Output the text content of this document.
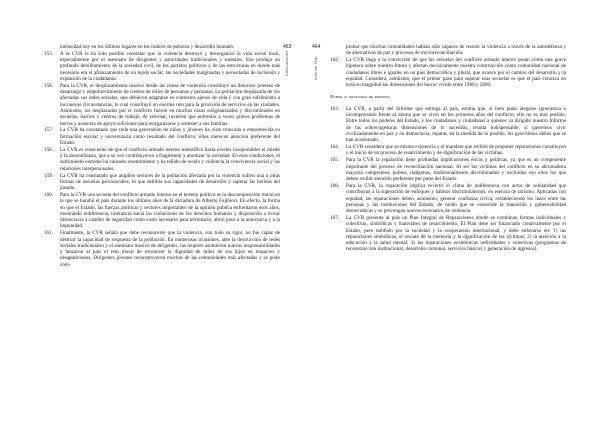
463
Conclusiones
intensidad hoy en los últimos lugares en los índices de pobreza y desarrollo humano.
153. A la CVR le ha sido posible constatar que la violencia destruyó y desorganizó la vida social local, especialmente por el asesinato de dirigentes y autoridades tradicionales y estatales. Eso produjo un profundo debilitamiento de la sociedad civil, de los partidos políticos y de las estructuras en donde más necesario era el afianzamiento de un tejido social: las sociedades marginadas y necesitadas de inclusión y expansión de la ciudadanía.
156. Para la CVR, el desplazamiento masivo desde las zonas de violencia constituyó un doloroso proceso de desarraigo y empobrecimiento de cientos de miles de peruanos y peruanas. La población desplazada de vio afectadas sus redes sociales, que debieron adaptarse en contextos ajenos de vida y con gran sufrimiento a las nuevas circunstancias, lo cual constituyó un enorme reto para la provisión de servicios en las ciudades. Asimismo, los desplazados por el conflicto fueron en muchos casos estigmatizados y discriminados en escuelas, barrios y centros de trabajo. Al retornar, tuvieron que enfrentar a veces graves problemas de tierras y ausencia de apoyo suficiente para reorganizarse y sostener a sus familias.
157. La CVR ha constatado que toda una generación de niños y jóvenes ha visto truncada o empobrecida su formación escolar y universitaria como resultado del conflicto; ellos merecen atención preferente del Estado.
158. La CVR es consciente de que el conflicto armado interno intensificó hasta niveles insoportables el miedo y la desconfianza, que a su vez contribuyeron a fragmentar y atomizar la sociedad. En esas condiciones, el sufrimiento extremo ha causado resentimiento y ha teñido de recelo y violencia la convivencia social y las relaciones interpersonales.
159. La CVR ha constatado que amplios sectores de la población afectada por la violencia sufren una u otras formas de secuelas psicosociales, lo que debilita sus capacidades de desarrollo y superar las heridas del pasado.
160. Para la CVR una secuela del conflicto armado interno en el terreno político es la descomposición moral en la que se hundió el país durante los últimos años de la dictadura de Alberto Fujimori. En efecto, la forma en que el Estado, las fuerzas políticas y sectores importantes de la opinión pública enfrentaron esos años, mostrando indiferencia, tolerancia hacia las violaciones de los derechos humanos y disposición a trocar democracia a cambio de seguridad como costo necesario para terminarlo, abrió paso a la autocracia y a la impunidad.
161. Finalmente, la CVR señala que debe reconocerse que la violencia, con todo su rigor, no fue capaz de destruir la capacidad de respuesta de la población. En numerosas ocasiones, ante la destrucción de redes sociales tradicionales y el asesinato masivo de dirigentes, las mujeres asumieron nuevas responsabilidades y lanzaron al país el reto moral de reconocer la dignidad de miles de sus hijos en masacres y desapariciones. Dirigentes jóvenes reconstruyeron muchas de las comunidades más afectadas y se pudo com-
464
Informe final
probar que muchas comunidades habían sido capaces de resistir la violencia a través de la autodefensa y de alternativas de paz y procesos de microreconciliación.
162. La CVR llega a la convicción de que las secuelas del conflicto armado interno pesan como una grave hipoteca sobre nuestro futuro y afectan decisivamente nuestra construcción como comunidad nacional de ciudadanos libres e iguales en un país democrático y plural, que avance por el camino del desarrollo y la equidad. Considera, asimismo, que el primer paso para superar esas secuelas es que el país conozca en toda su magnitud las dimensiones del horror vivido entre 1980 y 2000.
Sobre la necesidad de reparar
163. La CVR, a partir del Informe que entrega al país, estima que, si bien pudo alegarse ignorancia o incomprensión frente al drama que se vivió en los primeros años del conflicto, ello no es más posible. Entre todos los poderes del Estado, y los ciudadanos y ciudadanas a quienes va dirigido nuestro Informe de las sobrecogedoras dimensiones de lo sucedido, resulta indispensable, si queremos vivir civilizadamente en paz y en democracia, reparar, en la medida de lo posible, los gravísimos daños que se han ocasionado.
164. La CVR considera que su misma existencia y el mandato que recibió de proponer reparaciones constituyen y el inicio de un proceso de resarcimiento y de dignificación de las víctimas.
165. Para la CVR la reparación tiene profundas implicaciones éticas y políticas, ya que es un componente importante del proceso de reconciliación nacional. Al ser las víctimas del conflicto en su abrumadora mayoría campesinos, pobres, indígenas, tradicionalmente discriminados y excluidos son ellos los que deben recibir atención preferente por parte del Estado.
166. Para la CVR, la reparación implica revertir el clima de indiferencia con actos de solidaridad que contribuyan a la superación de enfoques y hábitos discriminatorios, en esencia de racismo. Aplicadas con equidad, las reparaciones deben, asimismo, generar confianza cívica, restableciendo los lazos entre las personas y las instituciones del Estado, de modo que se consolide la transición y gobernabilidad democráticas y se prevengan nuevos escenarios de violencia.
167. La CVR presenta al país un Plan Integral de Reparaciones donde se combinan formas individuales y colectivas, simbólicas y materiales de resarcimiento. El Plan debe ser financiado creativamente por el Estado, pero también por la sociedad y la cooperación internacional, y debe enfocarse en: 1) las reparaciones simbólicas, el rescate de la memoria y la dignificación de las víctimas; 2) la atención a la educación y la salud mental; 3) las reparaciones económicas individuales y colectivas (programas de reconstrucción institucional, desarrollo comunal, servicios básicos y generación de ingresos).
